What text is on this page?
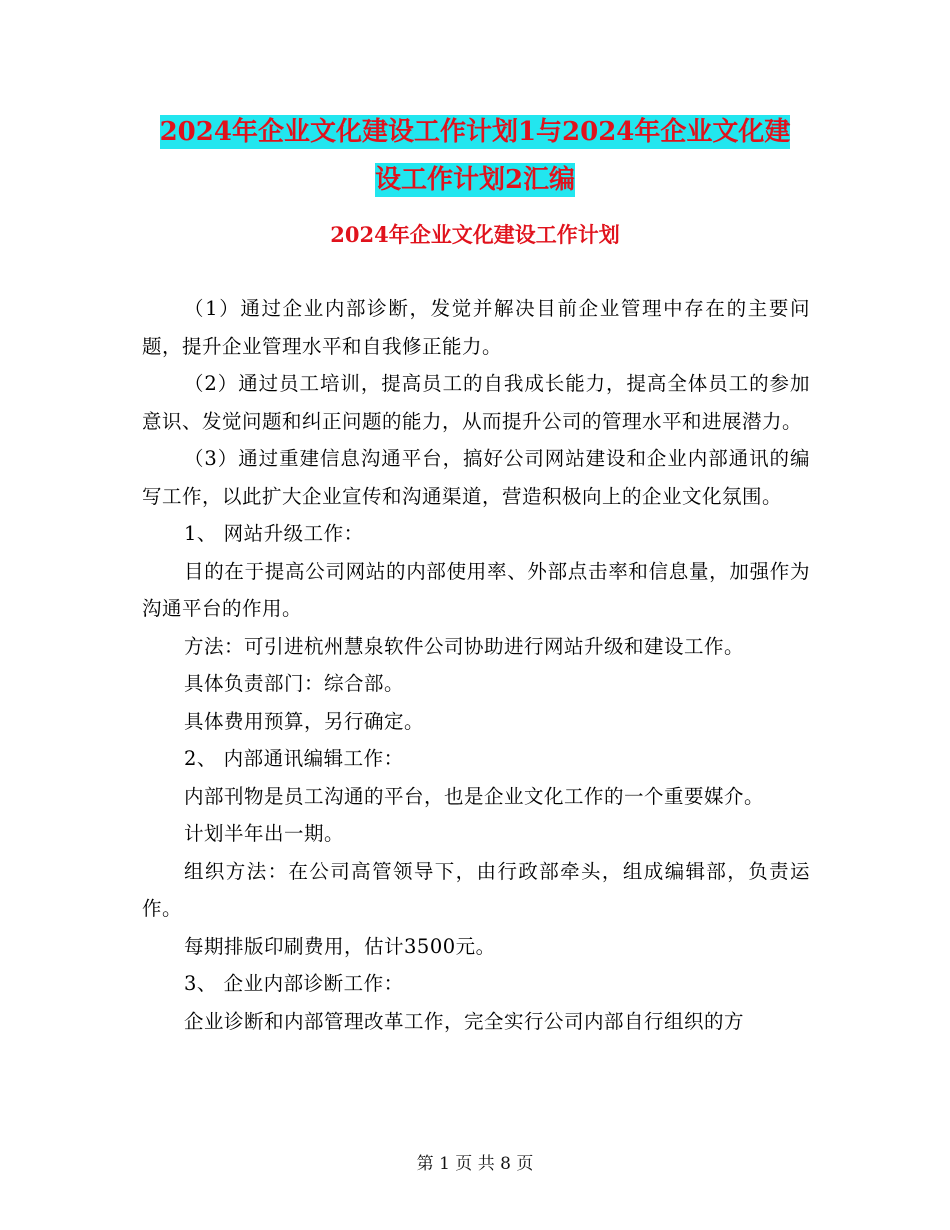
2024年企业文化建设工作计划1与2024年企业文化建
设工作计划2汇编
2024年企业文化建设工作计划

（1）通过企业内部诊断，发觉并解决目前企业管理中存在的主要问题，提升企业管理水平和自我修正能力。

（2）通过员工培训，提高员工的自我成长能力，提高全体员工的参加意识、发觉问题和纠正问题的能力，从而提升公司的管理水平和进展潜力。

（3）通过重建信息沟通平台，搞好公司网站建设和企业内部通讯的编写工作，以此扩大企业宣传和沟通渠道，营造积极向上的企业文化氛围。

1、 网站升级工作：

目的在于提高公司网站的内部使用率、外部点击率和信息量，加强作为沟通平台的作用。

方法：可引进杭州慧泉软件公司协助进行网站升级和建设工作。

具体负责部门：综合部。

具体费用预算，另行确定。

2、 内部通讯编辑工作：

内部刊物是员工沟通的平台，也是企业文化工作的一个重要媒介。

计划半年出一期。

组织方法：在公司高管领导下，由行政部牵头，组成编辑部，负责运作。

每期排版印刷费用，估计3500元。

3、 企业内部诊断工作：

企业诊断和内部管理改革工作，完全实行公司内部自行组织的方

第 1 页 共 8 页
